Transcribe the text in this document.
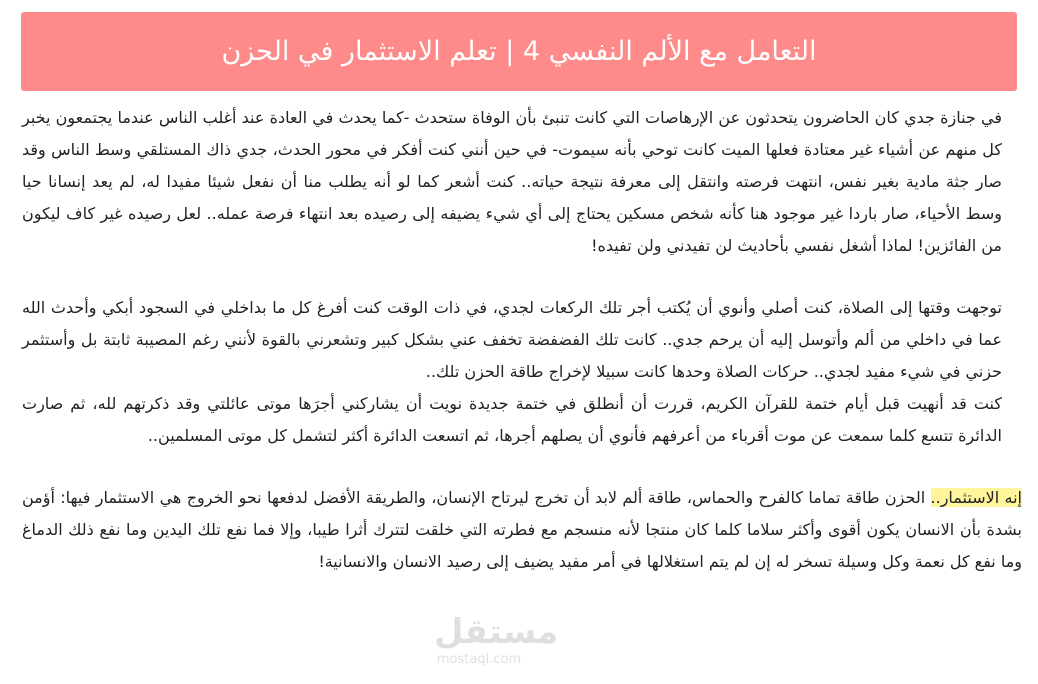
التعامل مع الألم النفسي 4 | تعلم الاستثمار في الحزن

في جنازة جدي كان الحاضرون يتحدثون عن الإرهاصات التي كانت تنبئ بأن الوفاة ستحدث -كما يحدث في العادة عند أغلب الناس عندما يجتمعون يخبر كل منهم عن أشياء غير معتادة فعلها الميت كانت توحي بأنه سيموت- في حين أنني كنت أفكر في محور الحدث، جدي ذاك المستلقي وسط الناس وقد صار جثة مادية بغير نفس، انتهت فرصته وانتقل إلى معرفة نتيجة حياته.. كنت أشعر كما لو أنه يطلب منا أن نفعل شيئا مفيدا له، لم يعد إنسانا حيا وسط الأحياء، صار باردا غير موجود هنا كأنه شخص مسكين يحتاج إلى أي شيء يضيفه إلى رصيده بعد انتهاء فرصة عمله.. لعل رصيده غير كاف ليكون من الفائزين! لماذا أشغل نفسي بأحاديث لن تفيدني ولن تفيده!

توجهت وقتها إلى الصلاة، كنت أصلي وأنوي أن يُكتب أجر تلك الركعات لجدي، في ذات الوقت كنت أفرغ كل ما بداخلي في السجود أبكي وأحدث الله عما في داخلي من ألم وأتوسل إليه أن يرحم جدي.. كانت تلك الفضفضة تخفف عني بشكل كبير وتشعرني بالقوة لأنني رغم المصيبة ثابتة بل وأستثمر حزني في شيء مفيد لجدي.. حركات الصلاة وحدها كانت سبيلا لإخراج طاقة الحزن تلك..

كنت قد أنهيت قبل أيام ختمة للقرآن الكريم، قررت أن أنطلق في ختمة جديدة نويت أن يشاركني أجرَها موتى عائلتي وقد ذكرتهم لله، ثم صارت الدائرة تتسع كلما سمعت عن موت أقرباء من أعرفهم فأنوي أن يصلهم أجرها، ثم اتسعت الدائرة أكثر لتشمل كل موتى المسلمين..

إنه الاستثمار.. الحزن طاقة تماما كالفرح والحماس، طاقة ألم لابد أن تخرج ليرتاح الإنسان، والطريقة الأفضل لدفعها نحو الخروج هي الاستثمار فيها: أؤمن بشدة بأن الانسان يكون أقوى وأكثر سلاما كلما كان منتجا لأنه منسجم مع فطرته التي خلقت لتترك أثرا طيبا، وإلا فما نفع تلك اليدين وما نفع ذلك الدماغ وما نفع كل نعمة وكل وسيلة تسخر له إن لم يتم استغلالها في أمر مفيد يضيف إلى رصيد الانسان والانسانية!

مستقل
mostaql.com
